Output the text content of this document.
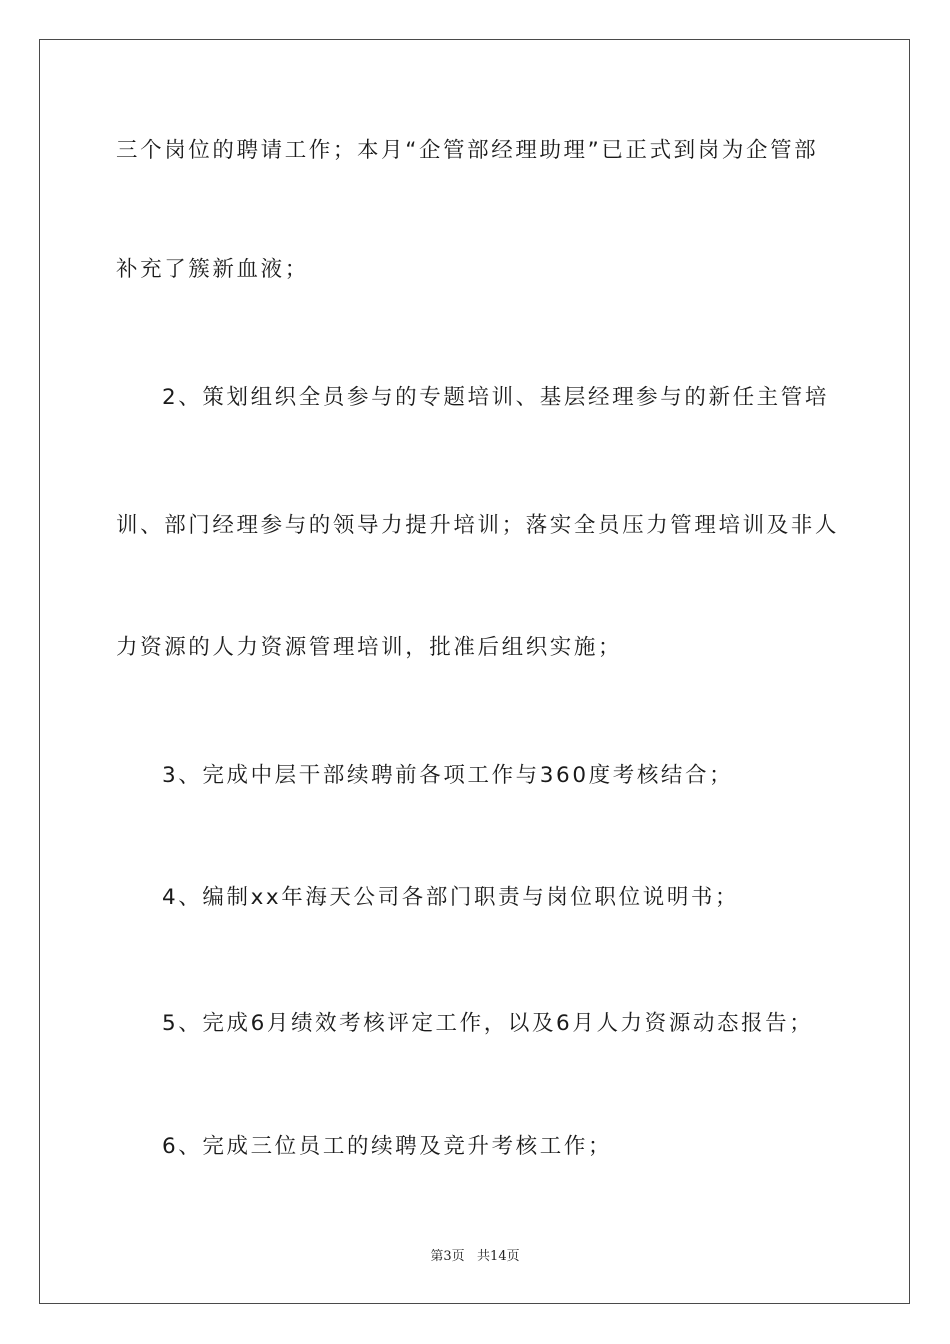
三个岗位的聘请工作；本月“企管部经理助理”已正式到岗为企管部
补充了簇新血液；
2、策划组织全员参与的专题培训、基层经理参与的新任主管培
训、部门经理参与的领导力提升培训；落实全员压力管理培训及非人
力资源的人力资源管理培训，批准后组织实施；
3、完成中层干部续聘前各项工作与360度考核结合；
4、编制xx年海天公司各部门职责与岗位职位说明书；
5、完成6月绩效考核评定工作，以及6月人力资源动态报告；
6、完成三位员工的续聘及竞升考核工作；
第3页   共14页
